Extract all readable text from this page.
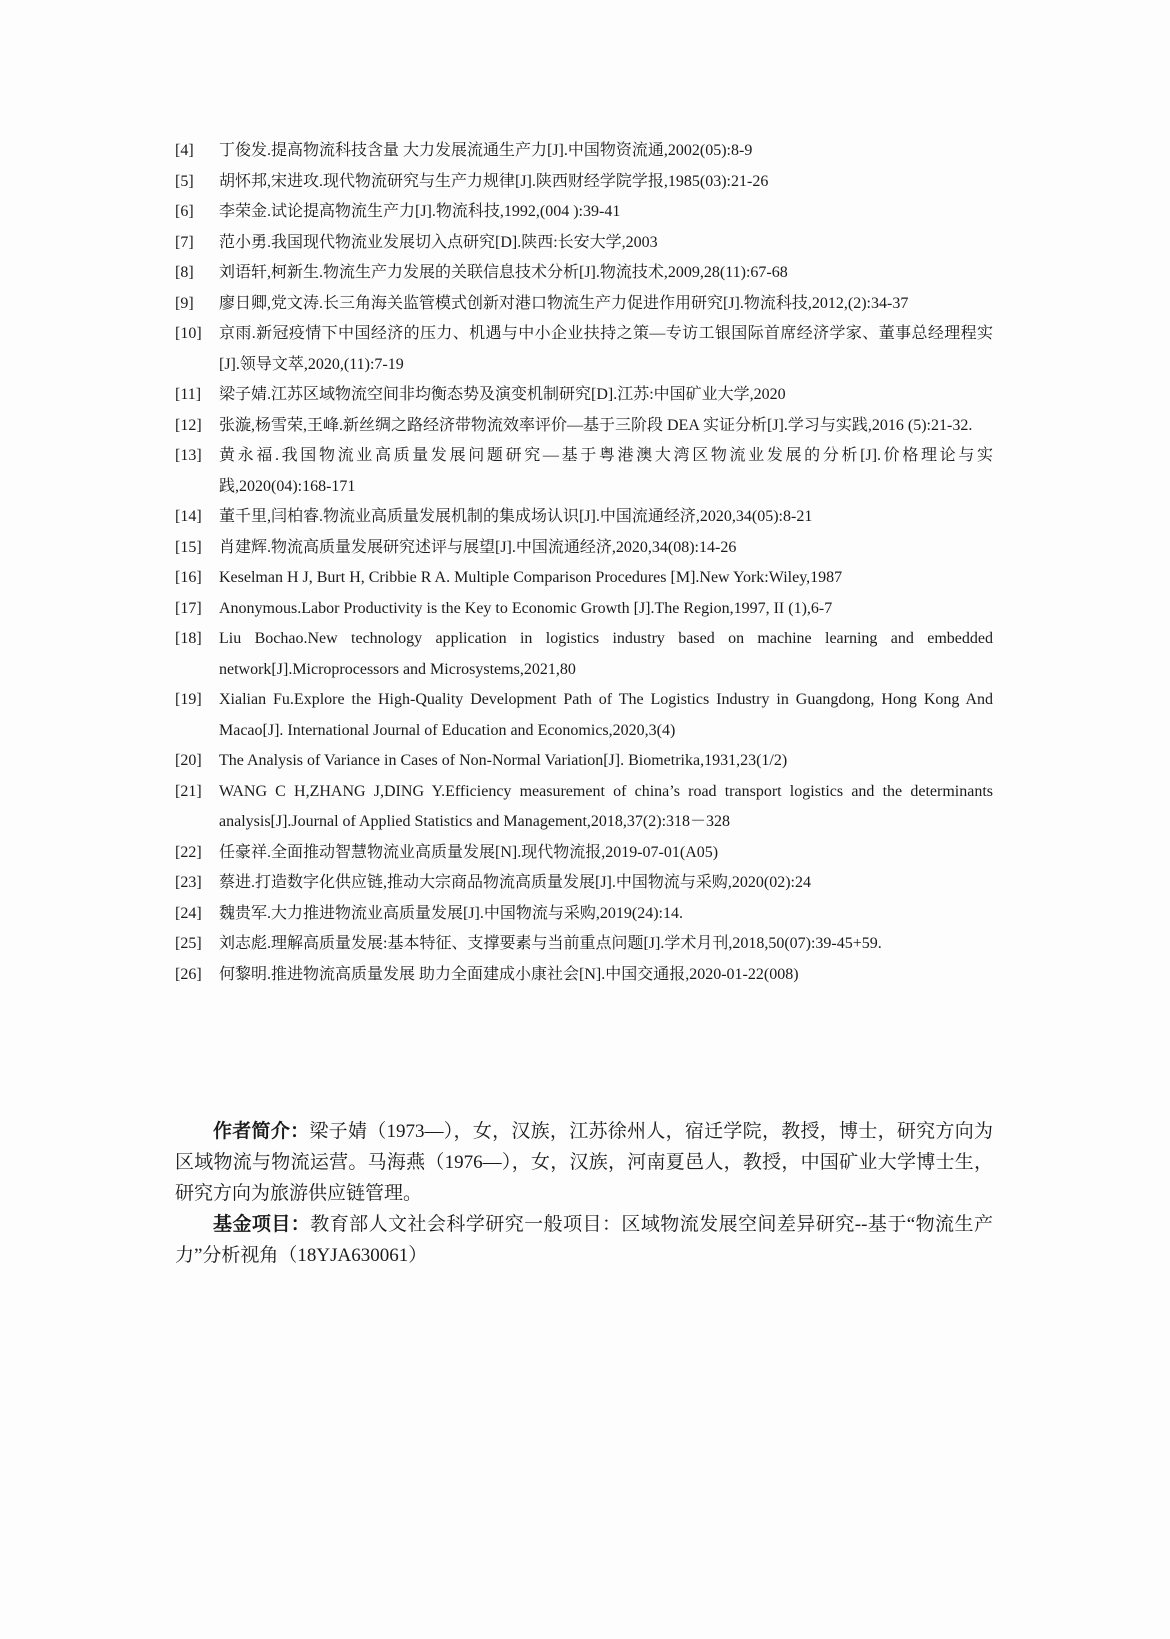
[4] 丁俊发.提高物流科技含量 大力发展流通生产力[J].中国物资流通,2002(05):8-9
[5] 胡怀邦,宋进攻.现代物流研究与生产力规律[J].陕西财经学院学报,1985(03):21-26
[6] 李荣金.试论提高物流生产力[J].物流科技,1992,(004 ):39-41
[7] 范小勇.我国现代物流业发展切入点研究[D].陕西:长安大学,2003
[8] 刘语轩,柯新生.物流生产力发展的关联信息技术分析[J].物流技术,2009,28(11):67-68
[9] 廖日卿,党文涛.长三角海关监管模式创新对港口物流生产力促进作用研究[J].物流科技,2012,(2):34-37
[10] 京雨.新冠疫情下中国经济的压力、机遇与中小企业扶持之策—专访工银国际首席经济学家、董事总经理程实[J].领导文萃,2020,(11):7-19
[11] 梁子婧.江苏区域物流空间非均衡态势及演变机制研究[D].江苏:中国矿业大学,2020
[12] 张漩,杨雪荣,王峰.新丝绸之路经济带物流效率评价—基于三阶段 DEA 实证分析[J].学习与实践,2016 (5):21-32.
[13] 黄永福.我国物流业高质量发展问题研究—基于粤港澳大湾区物流业发展的分析[J].价格理论与实践,2020(04):168-171
[14] 董千里,闫柏睿.物流业高质量发展机制的集成场认识[J].中国流通经济,2020,34(05):8-21
[15] 肖建辉.物流高质量发展研究述评与展望[J].中国流通经济,2020,34(08):14-26
[16] Keselman H J, Burt H, Cribbie R A. Multiple Comparison Procedures [M].New York:Wiley,1987
[17] Anonymous.Labor Productivity is the Key to Economic Growth [J].The Region,1997, II (1),6-7
[18] Liu Bochao.New technology application in logistics industry based on machine learning and embedded network[J].Microprocessors and Microsystems,2021,80
[19] Xialian Fu.Explore the High-Quality Development Path of The Logistics Industry in Guangdong, Hong Kong And Macao[J]. International Journal of Education and Economics,2020,3(4)
[20] The Analysis of Variance in Cases of Non-Normal Variation[J]. Biometrika,1931,23(1/2)
[21] WANG C H,ZHANG J,DING Y.Efficiency measurement of china’s road transport logistics and the determinants analysis[J].Journal of Applied Statistics and Management,2018,37(2):318－328
[22] 任豪祥.全面推动智慧物流业高质量发展[N].现代物流报,2019-07-01(A05)
[23] 蔡进.打造数字化供应链,推动大宗商品物流高质量发展[J].中国物流与采购,2020(02):24
[24] 魏贵军.大力推进物流业高质量发展[J].中国物流与采购,2019(24):14.
[25] 刘志彪.理解高质量发展:基本特征、支撑要素与当前重点问题[J].学术月刊,2018,50(07):39-45+59.
[26] 何黎明.推进物流高质量发展 助力全面建成小康社会[N].中国交通报,2020-01-22(008)

作者简介：梁子婧（1973—），女，汉族，江苏徐州人，宿迁学院，教授，博士，研究方向为区域物流与物流运营。马海燕（1976—），女，汉族，河南夏邑人，教授，中国矿业大学博士生，研究方向为旅游供应链管理。

基金项目：教育部人文社会科学研究一般项目：区域物流发展空间差异研究--基于“物流生产力”分析视角（18YJA630061）
